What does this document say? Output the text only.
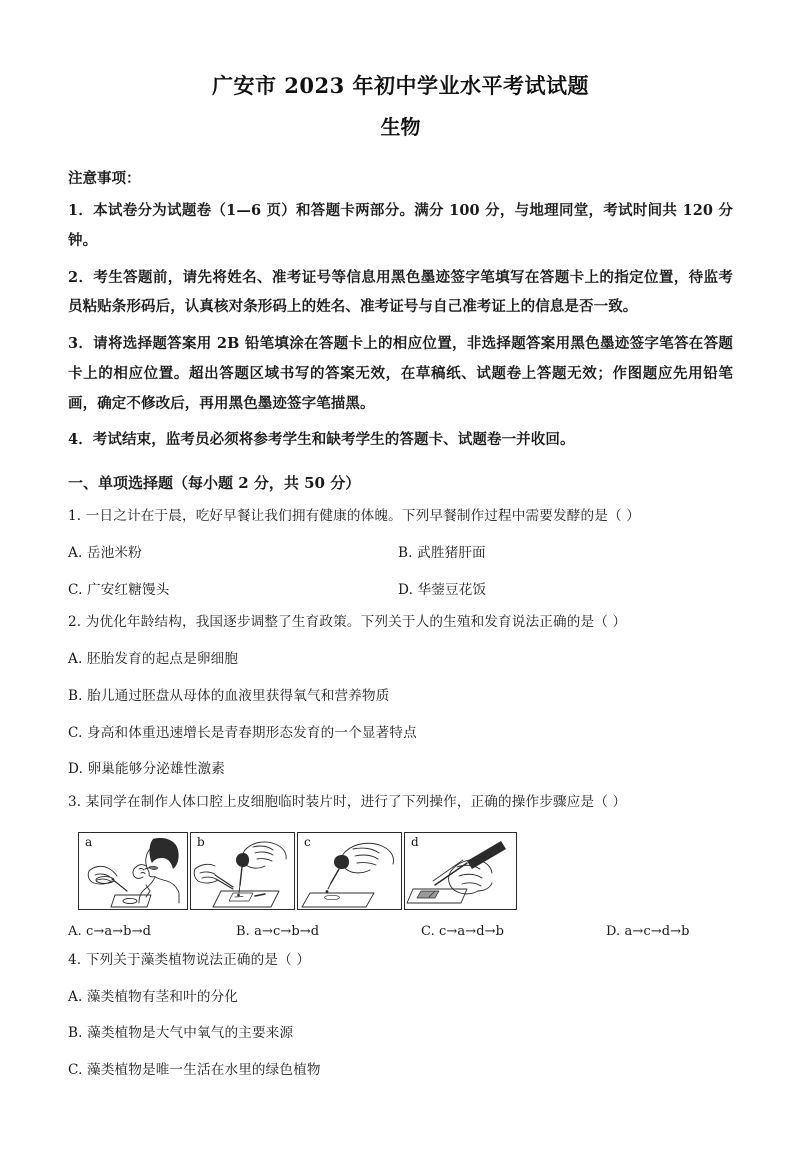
广安市 2023 年初中学业水平考试试题
生物
注意事项：
1．本试卷分为试题卷（1—6 页）和答题卡两部分。满分 100 分，与地理同堂，考试时间共 120 分钟。
2．考生答题前，请先将姓名、准考证号等信息用黑色墨迹签字笔填写在答题卡上的指定位置，待监考员粘贴条形码后，认真核对条形码上的姓名、准考证号与自己准考证上的信息是否一致。
3．请将选择题答案用 2B 铅笔填涂在答题卡上的相应位置，非选择题答案用黑色墨迹签字笔答在答题卡上的相应位置。超出答题区域书写的答案无效，在草稿纸、试题卷上答题无效；作图题应先用铅笔画，确定不修改后，再用黑色墨迹签字笔描黑。
4．考试结束，监考员必须将参考学生和缺考学生的答题卡、试题卷一并收回。
一、单项选择题（每小题 2 分，共 50 分）
1. 一日之计在于晨，吃好早餐让我们拥有健康的体魄。下列早餐制作过程中需要发酵的是（ ）
A. 岳池米粉	B. 武胜猪肝面
C. 广安红糖馒头	D. 华蓥豆花饭
2. 为优化年龄结构，我国逐步调整了生育政策。下列关于人的生殖和发育说法正确的是（ ）
A. 胚胎发育的起点是卵细胞
B. 胎儿通过胚盘从母体的血液里获得氧气和营养物质
C. 身高和体重迅速增长是青春期形态发育的一个显著特点
D. 卵巢能够分泌雄性激素
3. 某同学在制作人体口腔上皮细胞临时装片时，进行了下列操作，正确的操作步骤应是（ ）
a	b	c	d
A. c→a→b→d	B. a→c→b→d	C. c→a→d→b	D. a→c→d→b
4. 下列关于藻类植物说法正确的是（ ）
A. 藻类植物有茎和叶的分化
B. 藻类植物是大气中氧气的主要来源
C. 藻类植物是唯一生活在水里的绿色植物
